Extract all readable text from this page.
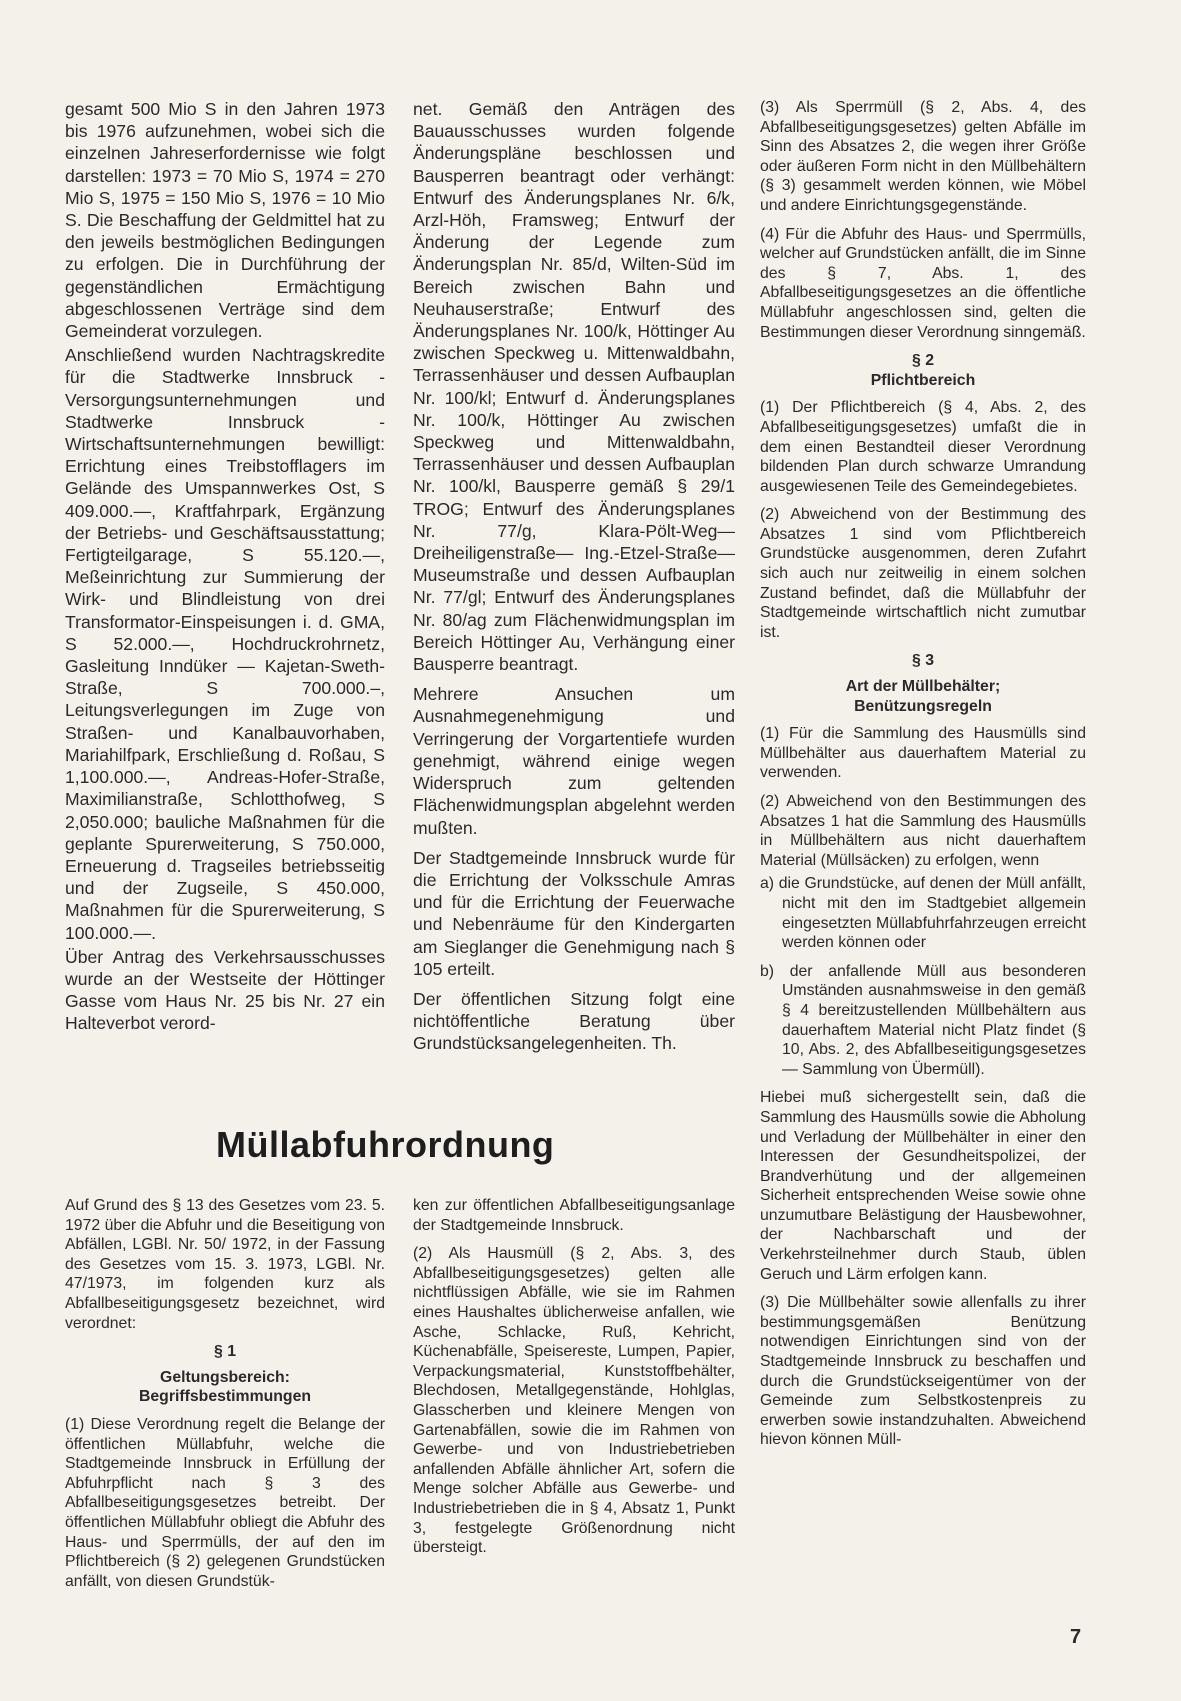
gesamt 500 Mio S in den Jahren 1973 bis 1976 aufzunehmen, wobei sich die einzelnen Jahreserfordernisse wie folgt darstellen: 1973 = 70 Mio S, 1974 = 270 Mio S, 1975 = 150 Mio S, 1976 = 10 Mio S. Die Beschaffung der Geldmittel hat zu den jeweils bestmöglichen Bedingungen zu erfolgen. Die in Durchführung der gegenständlichen Ermächtigung abgeschlossenen Verträge sind dem Gemeinderat vorzulegen.

Anschließend wurden Nachtragskredite für die Stadtwerke Innsbruck - Versorgungsunternehmungen und Stadtwerke Innsbruck - Wirtschaftsunternehmungen bewilligt: Errichtung eines Treibstofflagers im Gelände des Umspannwerkes Ost, S 409.000.—, Kraftfahrpark, Ergänzung der Betriebs- und Geschäftsausstattung; Fertigteilgarage, S 55.120.—, Meßeinrichtung zur Summierung der Wirk- und Blindleistung von drei Transformator-Einspeisungen i. d. GMA, S 52.000.—, Hochdruckrohrnetz, Gasleitung Inndüker — Kajetan-Sweth-Straße, S 700.000.–, Leitungsverlegungen im Zuge von Straßen- und Kanalbauvorhaben, Mariahilfpark, Erschließung d. Roßau, S 1,100.000.—, Andreas-Hofer-Straße, Maximilianstraße, Schlotthofweg, S 2,050.000; bauliche Maßnahmen für die geplante Spurerweiterung, S 750.000, Erneuerung d. Tragseiles betriebsseitig und der Zugseile, S 450.000, Maßnahmen für die Spurerweiterung, S 100.000.—.

Über Antrag des Verkehrsausschusses wurde an der Westseite der Höttinger Gasse vom Haus Nr. 25 bis Nr. 27 ein Halteverbot verord-

net. Gemäß den Anträgen des Bauausschusses wurden folgende Änderungspläne beschlossen und Bausperren beantragt oder verhängt: Entwurf des Änderungsplanes Nr. 6/k, Arzl-Höh, Framsweg; Entwurf der Änderung der Legende zum Änderungsplan Nr. 85/d, Wilten-Süd im Bereich zwischen Bahn und Neuhauserstraße; Entwurf des Änderungsplanes Nr. 100/k, Höttinger Au zwischen Speckweg u. Mittenwaldbahn, Terrassenhäuser und dessen Aufbauplan Nr. 100/kl; Entwurf d. Änderungsplanes Nr. 100/k, Höttinger Au zwischen Speckweg und Mittenwaldbahn, Terrassenhäuser und dessen Aufbauplan Nr. 100/kl, Bausperre gemäß § 29/1 TROG; Entwurf des Änderungsplanes Nr. 77/g, Klara-Pölt-Weg—Dreiheiligenstraße— Ing.-Etzel-Straße—Museumstraße und dessen Aufbauplan Nr. 77/gl; Entwurf des Änderungsplanes Nr. 80/ag zum Flächenwidmungsplan im Bereich Höttinger Au, Verhängung einer Bausperre beantragt.

Mehrere Ansuchen um Ausnahmegenehmigung und Verringerung der Vorgartentiefe wurden genehmigt, während einige wegen Widerspruch zum geltenden Flächenwidmungsplan abgelehnt werden mußten.

Der Stadtgemeinde Innsbruck wurde für die Errichtung der Volksschule Amras und für die Errichtung der Feuerwache und Nebenräume für den Kindergarten am Sieglanger die Genehmigung nach § 105 erteilt.

Der öffentlichen Sitzung folgt eine nichtöffentliche Beratung über Grundstücksangelegenheiten. Th.

Müllabfuhrordnung

Auf Grund des § 13 des Gesetzes vom 23. 5. 1972 über die Abfuhr und die Beseitigung von Abfällen, LGBl. Nr. 50/ 1972, in der Fassung des Gesetzes vom 15. 3. 1973, LGBl. Nr. 47/1973, im folgenden kurz als Abfallbeseitigungsgesetz bezeichnet, wird verordnet:

§ 1
Geltungsbereich:
Begriffsbestimmungen

(1) Diese Verordnung regelt die Belange der öffentlichen Müllabfuhr, welche die Stadtgemeinde Innsbruck in Erfüllung der Abfuhrpflicht nach § 3 des Abfallbeseitigungsgesetzes betreibt. Der öffentlichen Müllabfuhr obliegt die Abfuhr des Haus- und Sperrmülls, der auf den im Pflichtbereich (§ 2) gelegenen Grundstücken anfällt, von diesen Grundstük-

ken zur öffentlichen Abfallbeseitigungsanlage der Stadtgemeinde Innsbruck.

(2) Als Hausmüll (§ 2, Abs. 3, des Abfallbeseitigungsgesetzes) gelten alle nichtflüssigen Abfälle, wie sie im Rahmen eines Haushaltes üblicherweise anfallen, wie Asche, Schlacke, Ruß, Kehricht, Küchenabfälle, Speisereste, Lumpen, Papier, Verpackungsmaterial, Kunststoffbehälter, Blechdosen, Metallgegenstände, Hohlglas, Glasscherben und kleinere Mengen von Gartenabfällen, sowie die im Rahmen von Gewerbe- und von Industriebetrieben anfallenden Abfälle ähnlicher Art, sofern die Menge solcher Abfälle aus Gewerbe- und Industriebetrieben die in § 4, Absatz 1, Punkt 3, festgelegte Größenordnung nicht übersteigt.

(3) Als Sperrmüll (§ 2, Abs. 4, des Abfallbeseitigungsgesetzes) gelten Abfälle im Sinn des Absatzes 2, die wegen ihrer Größe oder äußeren Form nicht in den Müllbehältern (§ 3) gesammelt werden können, wie Möbel und andere Einrichtungsgegenstände.

(4) Für die Abfuhr des Haus- und Sperrmülls, welcher auf Grundstücken anfällt, die im Sinne des § 7, Abs. 1, des Abfallbeseitigungsgesetzes an die öffentliche Müllabfuhr angeschlossen sind, gelten die Bestimmungen dieser Verordnung sinngemäß.

§ 2
Pflichtbereich

(1) Der Pflichtbereich (§ 4, Abs. 2, des Abfallbeseitigungsgesetzes) umfaßt die in dem einen Bestandteil dieser Verordnung bildenden Plan durch schwarze Umrandung ausgewiesenen Teile des Gemeindegebietes.

(2) Abweichend von der Bestimmung des Absatzes 1 sind vom Pflichtbereich Grundstücke ausgenommen, deren Zufahrt sich auch nur zeitweilig in einem solchen Zustand befindet, daß die Müllabfuhr der Stadtgemeinde wirtschaftlich nicht zumutbar ist.

§ 3
Art der Müllbehälter;
Benützungsregeln

(1) Für die Sammlung des Hausmülls sind Müllbehälter aus dauerhaftem Material zu verwenden.

(2) Abweichend von den Bestimmungen des Absatzes 1 hat die Sammlung des Hausmülls in Müllbehältern aus nicht dauerhaftem Material (Müllsäcken) zu erfolgen, wenn

a) die Grundstücke, auf denen der Müll anfällt, nicht mit den im Stadtgebiet allgemein eingesetzten Müllabfuhrfahrzeugen erreicht werden können oder

b) der anfallende Müll aus besonderen Umständen ausnahmsweise in den gemäß § 4 bereitzustellenden Müllbehältern aus dauerhaftem Material nicht Platz findet (§ 10, Abs. 2, des Abfallbeseitigungsgesetzes — Sammlung von Übermüll).

Hiebei muß sichergestellt sein, daß die Sammlung des Hausmülls sowie die Abholung und Verladung der Müllbehälter in einer den Interessen der Gesundheitspolizei, der Brandverhütung und der allgemeinen Sicherheit entsprechenden Weise sowie ohne unzumutbare Belästigung der Hausbewohner, der Nachbarschaft und der Verkehrsteilnehmer durch Staub, üblen Geruch und Lärm erfolgen kann.

(3) Die Müllbehälter sowie allenfalls zu ihrer bestimmungsgemäßen Benützung notwendigen Einrichtungen sind von der Stadtgemeinde Innsbruck zu beschaffen und durch die Grundstückseigentümer von der Gemeinde zum Selbstkostenpreis zu erwerben sowie instandzuhalten. Abweichend hievon können Müll-

7
